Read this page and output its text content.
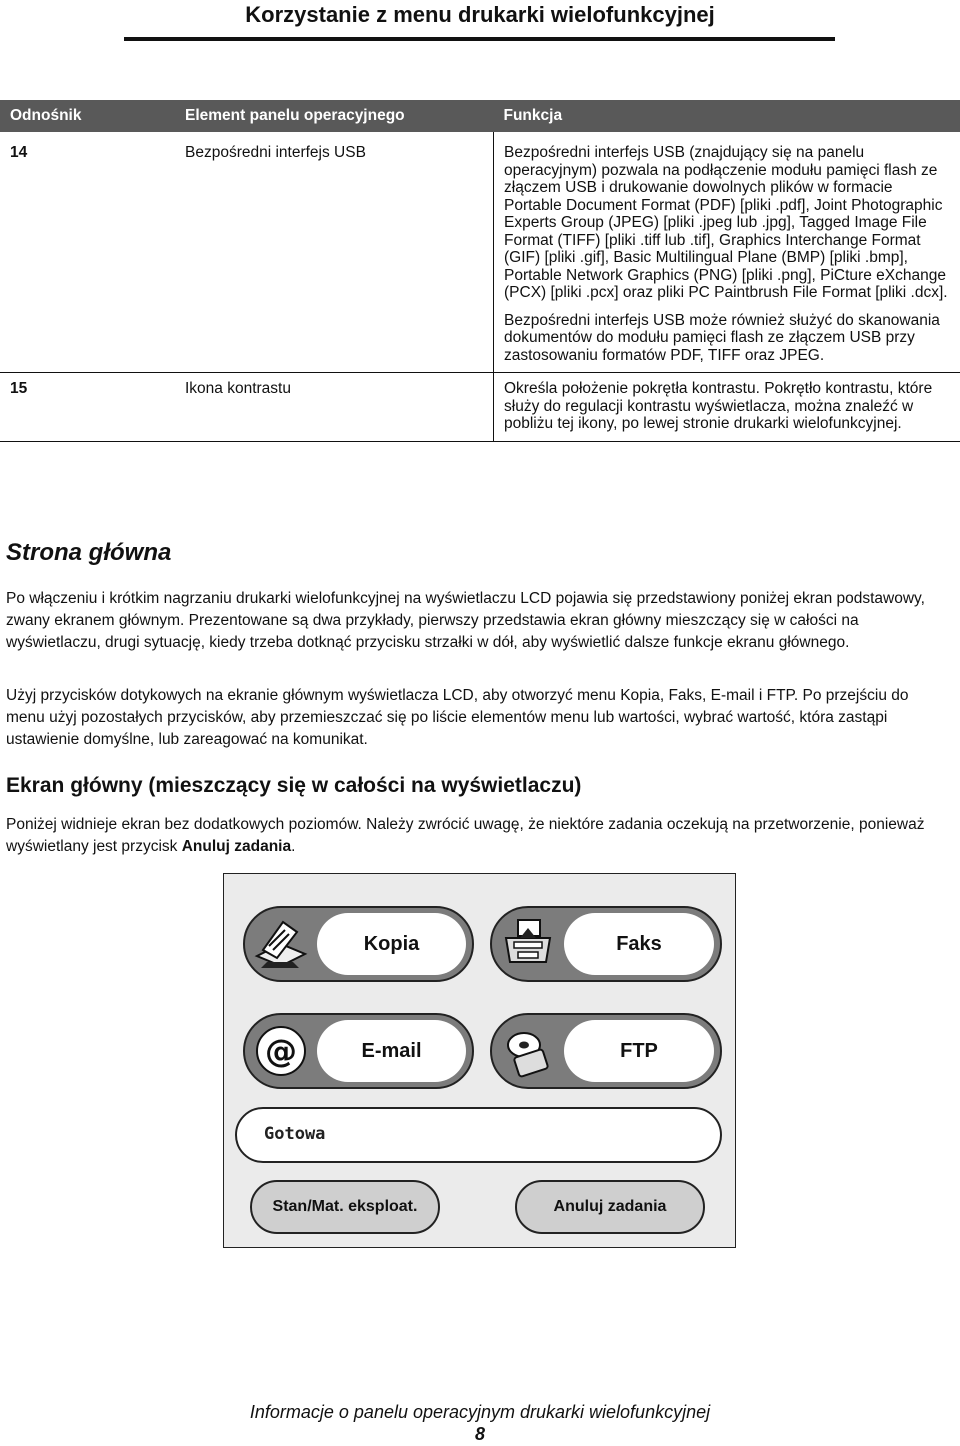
Korzystanie z menu drukarki wielofunkcyjnej
Odnośnik	Element panelu operacyjnego	Funkcja
14	Bezpośredni interfejs USB	Bezpośredni interfejs USB (znajdujący się na panelu operacyjnym) pozwala na podłączenie modułu pamięci flash ze złączem USB i drukowanie dowolnych plików w formacie Portable Document Format (PDF) [pliki .pdf], Joint Photographic Experts Group (JPEG) [pliki .jpeg lub .jpg], Tagged Image File Format (TIFF) [pliki .tiff lub .tif], Graphics Interchange Format (GIF) [pliki .gif], Basic Multilingual Plane (BMP) [pliki .bmp], Portable Network Graphics (PNG) [pliki .png], PiCture eXchange (PCX) [pliki .pcx] oraz pliki PC Paintbrush File Format [pliki .dcx].

Bezpośredni interfejs USB może również służyć do skanowania dokumentów do modułu pamięci flash ze złączem USB przy zastosowaniu formatów PDF, TIFF oraz JPEG.

15	Ikona kontrastu	Określa położenie pokrętła kontrastu. Pokrętło kontrastu, które służy do regulacji kontrastu wyświetlacza, można znaleźć w pobliżu tej ikony, po lewej stronie drukarki wielofunkcyjnej.

Strona główna

Po włączeniu i krótkim nagrzaniu drukarki wielofunkcyjnej na wyświetlaczu LCD pojawia się przedstawiony poniżej ekran podstawowy, zwany ekranem głównym. Prezentowane są dwa przykłady, pierwszy przedstawia ekran główny mieszczący się w całości na wyświetlaczu, drugi sytuację, kiedy trzeba dotknąć przycisku strzałki w dół, aby wyświetlić dalsze funkcje ekranu głównego.

Użyj przycisków dotykowych na ekranie głównym wyświetlacza LCD, aby otworzyć menu Kopia, Faks, E-mail i FTP. Po przejściu do menu użyj pozostałych przycisków, aby przemieszczać się po liście elementów menu lub wartości, wybrać wartość, która zastąpi ustawienie domyślne, lub zareagować na komunikat.

Ekran główny (mieszczący się w całości na wyświetlaczu)

Poniżej widnieje ekran bez dodatkowych poziomów. Należy zwrócić uwagę, że niektóre zadania oczekują na przetworzenie, ponieważ wyświetlany jest przycisk Anuluj zadania.

Kopia	Faks
@	E-mail	FTP
Gotowa
Stan/Mat. eksploat.	Anuluj zadania
Informacje o panelu operacyjnym drukarki wielofunkcyjnej
8
